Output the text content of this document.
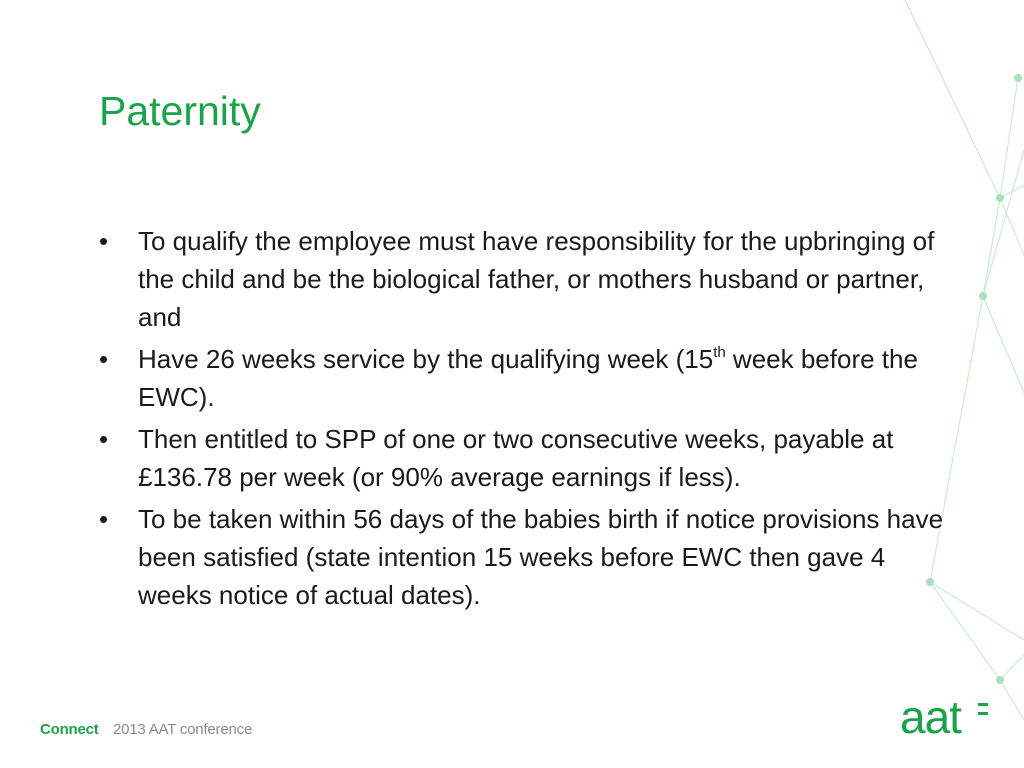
Paternity
• To qualify the employee must have responsibility for the upbringing of the child and be the biological father, or mothers husband or partner, and
• Have 26 weeks service by the qualifying week (15th week before the EWC).
• Then entitled to SPP of one or two consecutive weeks, payable at £136.78 per week (or 90% average earnings if less).
• To be taken within 56 days of the babies birth if notice provisions have been satisfied (state intention 15 weeks before EWC then gave 4 weeks notice of actual dates).
Connect 2013 AAT conference	aat
